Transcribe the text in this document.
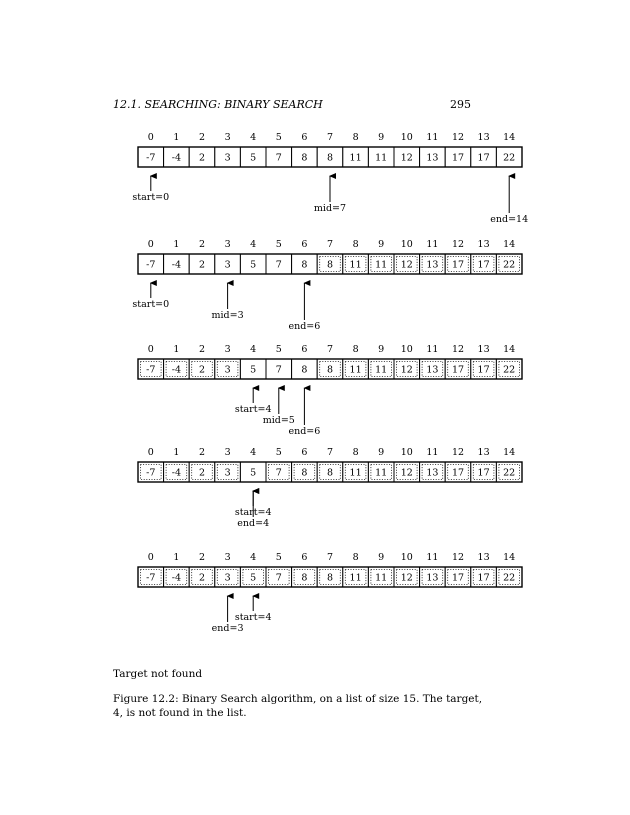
12.1. SEARCHING: BINARY SEARCH	295
0
-7
1
-4
2
2
3
3
4
5
5
7
6
8
7
8
8
11
9
11
10
12
11
13
12
17
13
17
14
22
start=0
mid=7
end=14
0
-7
1
-4
2
2
3
3
4
5
5
7
6
8
7
8
8
11
9
11
10
12
11
13
12
17
13
17
14
22
start=0
mid=3
end=6
0
-7
1
-4
2
2
3
3
4
5
5
7
6
8
7
8
8
11
9
11
10
12
11
13
12
17
13
17
14
22
start=4
mid=5
end=6
0
-7
1
-4
2
2
3
3
4
5
5
7
6
8
7
8
8
11
9
11
10
12
11
13
12
17
13
17
14
22
start=4
end=4
0
-7
1
-4
2
2
3
3
4
5
5
7
6
8
7
8
8
11
9
11
10
12
11
13
12
17
13
17
14
22
start=4
end=3
Target not found
Figure 12.2: Binary Search algorithm, on a list of size 15. The target, 4, is not found in the list.
